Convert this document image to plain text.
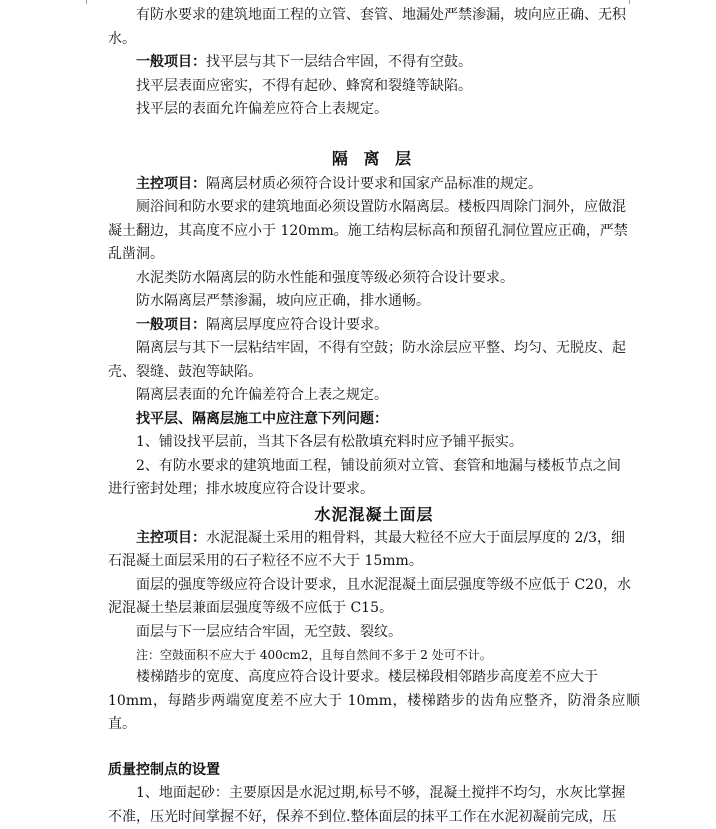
有防水要求的建筑地面工程的立管、套管、地漏处严禁渗漏，坡向应正确、无积

水。

一般项目：找平层与其下一层结合牢固，不得有空鼓。

找平层表面应密实，不得有起砂、蜂窝和裂缝等缺陷。

找平层的表面允许偏差应符合上表规定。

隔 离 层

主控项目：隔离层材质必须符合设计要求和国家产品标准的规定。

厕浴间和防水要求的建筑地面必须设置防水隔离层。楼板四周除门洞外，应做混

凝土翻边，其高度不应小于 120mm。施工结构层标高和预留孔洞位置应正确，严禁

乱凿洞。

水泥类防水隔离层的防水性能和强度等级必须符合设计要求。

防水隔离层严禁渗漏，坡向应正确，排水通畅。

一般项目：隔离层厚度应符合设计要求。

隔离层与其下一层粘结牢固，不得有空鼓；防水涂层应平整、均匀、无脱皮、起

壳、裂缝、鼓泡等缺陷。

隔离层表面的允许偏差符合上表之规定。

找平层、隔离层施工中应注意下列问题：

1、铺设找平层前，当其下各层有松散填充料时应予铺平振实。

2、有防水要求的建筑地面工程，铺设前须对立管、套管和地漏与楼板节点之间

进行密封处理；排水坡度应符合设计要求。

水泥混凝土面层

主控项目：水泥混凝土采用的粗骨料，其最大粒径不应大于面层厚度的 2/3，细

石混凝土面层采用的石子粒径不应不大于 15mm。

面层的强度等级应符合设计要求，且水泥混凝土面层强度等级不应低于 C20，水

泥混凝土垫层兼面层强度等级不应低于 C15。

面层与下一层应结合牢固，无空鼓、裂纹。

注：空鼓面积不应大于 400cm2，且每自然间不多于 2 处可不计。

楼梯踏步的宽度、高度应符合设计要求。楼层梯段相邻踏步高度差不应大于

10mm，每踏步两端宽度差不应大于 10mm，楼梯踏步的齿角应整齐，防滑条应顺直。

质量控制点的设置

1、地面起砂：主要原因是水泥过期,标号不够，混凝土搅拌不均匀，水灰比掌握

不准，压光时间掌握不好，保养不到位.整体面层的抹平工作在水泥初凝前完成，压
